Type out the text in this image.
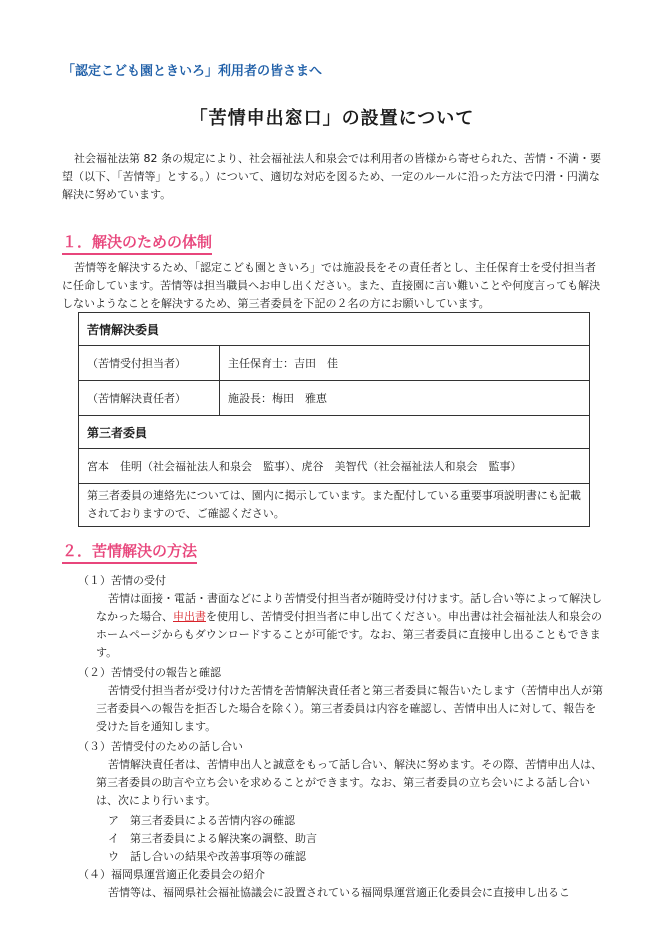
「認定こども園ときいろ」利用者の皆さまへ
「苦情申出窓口」の設置について
社会福祉法第 82 条の規定により、社会福祉法人和泉会では利用者の皆様から寄せられた、苦情・不満・要望（以下、「苦情等」とする。）について、適切な対応を図るため、一定のルールに沿った方法で円滑・円満な解決に努めています。
１．解決のための体制
苦情等を解決するため、「認定こども園ときいろ」では施設長をその責任者とし、主任保育士を受付担当者に任命しています。苦情等は担当職員へお申し出ください。また、直接園に言い難いことや何度言っても解決しないようなことを解決するため、第三者委員を下記の２名の方にお願いしています。
苦情解決委員	
（苦情受付担当者）	主任保育士：吉田　佳
（苦情解決責任者）	施設長：梅田　雅恵
第三者委員	
宮本　佳明（社会福祉法人和泉会　監事）、虎谷　美智代（社会福祉法人和泉会　監事）	
第三者委員の連絡先については、園内に掲示しています。また配付している重要事項説明書にも記載されておりますので、ご確認ください。	
２．苦情解決の方法
（１）苦情の受付
苦情は面接・電話・書面などにより苦情受付担当者が随時受け付けます。話し合い等によって解決しなかった場合、申出書を使用し、苦情受付担当者に申し出てください。申出書は社会福祉法人和泉会のホームページからもダウンロードすることが可能です。なお、第三者委員に直接申し出ることもできます。
（２）苦情受付の報告と確認
苦情受付担当者が受け付けた苦情を苦情解決責任者と第三者委員に報告いたします（苦情申出人が第三者委員への報告を拒否した場合を除く）。第三者委員は内容を確認し、苦情申出人に対して、報告を受けた旨を通知します。
（３）苦情受付のための話し合い
苦情解決責任者は、苦情申出人と誠意をもって話し合い、解決に努めます。その際、苦情申出人は、第三者委員の助言や立ち会いを求めることができます。なお、第三者委員の立ち会いによる話し合いは、次により行います。
ア　第三者委員による苦情内容の確認
イ　第三者委員による解決案の調整、助言
ウ　話し合いの結果や改善事項等の確認
（４）福岡県運営適正化委員会の紹介
苦情等は、福岡県社会福祉協議会に設置されている福岡県運営適正化委員会に直接申し出るこ
